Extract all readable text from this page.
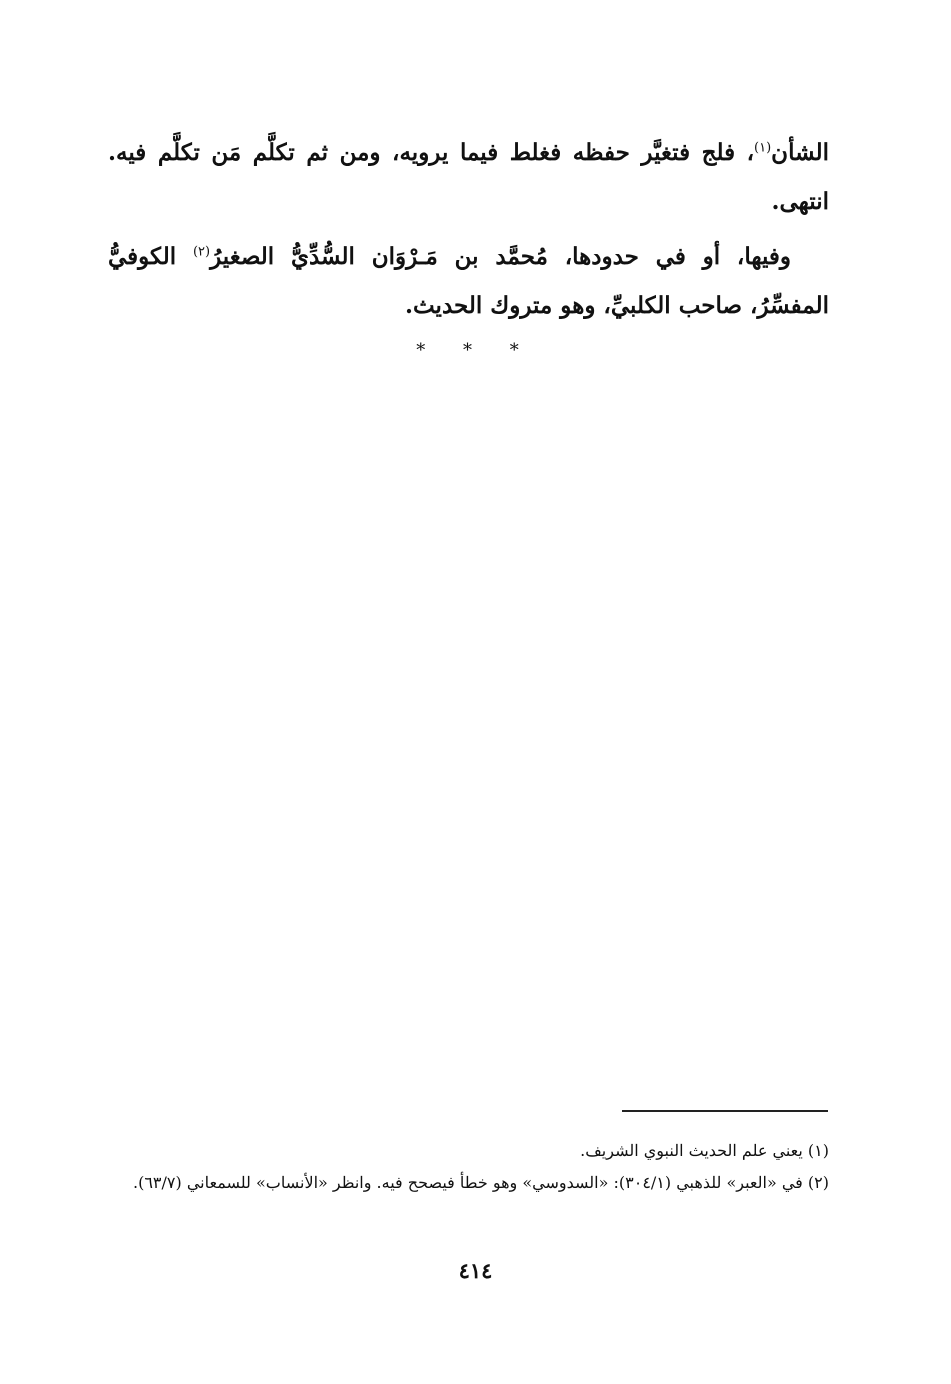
الشأن$^{(١)}$، فلج فتغيَّر حفظه فغلط فيما يرويه، ومن ثم تكلَّم مَن تكلَّم فيه. انتهى.

وفيها، أو في حدودها، مُحمَّد بن مَـرْوَان السُّدِّيُّ الصغيرُ$^{(٢)}$ الكوفيُّ المفسِّرُ، صاحب الكلبيِّ، وهو متروك الحديث.

* * *

(١) يعني علم الحديث النبوي الشريف.

(٢) في «العبر» للذهبي (٣٠٤/١): «السدوسي» وهو خطأ فيصحح فيه. وانظر «الأنساب» للسمعاني (٦٣/٧).

٤١٤
